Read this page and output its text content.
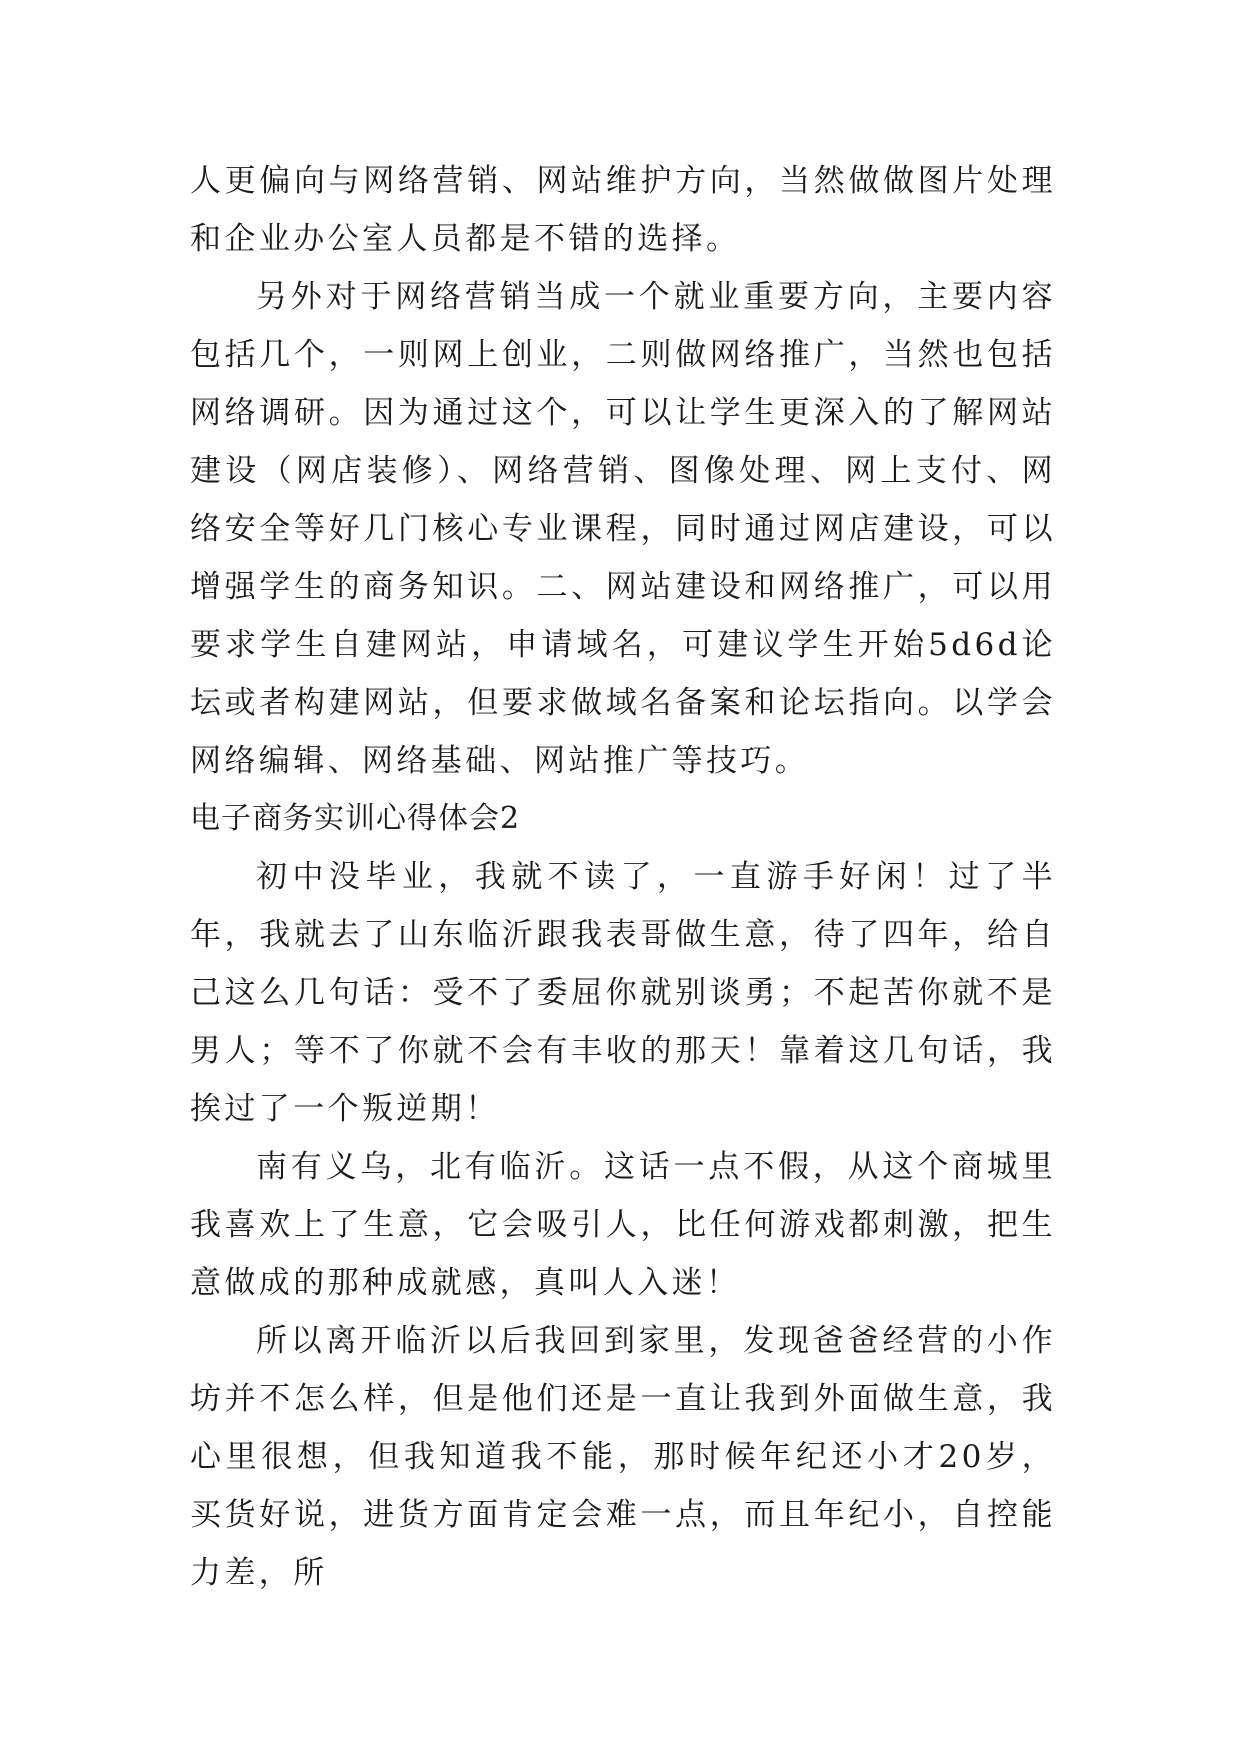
人更偏向与网络营销、网站维护方向，当然做做图片处理和企业办公室人员都是不错的选择。

另外对于网络营销当成一个就业重要方向，主要内容包括几个，一则网上创业，二则做网络推广，当然也包括网络调研。因为通过这个，可以让学生更深入的了解网站建设（网店装修）、网络营销、图像处理、网上支付、网络安全等好几门核心专业课程，同时通过网店建设，可以增强学生的商务知识。二、网站建设和网络推广，可以用要求学生自建网站，申请域名，可建议学生开始5d6d论坛或者构建网站，但要求做域名备案和论坛指向。以学会网络编辑、网络基础、网站推广等技巧。

电子商务实训心得体会2

初中没毕业，我就不读了，一直游手好闲！过了半年，我就去了山东临沂跟我表哥做生意，待了四年，给自己这么几句话：受不了委屈你就别谈勇；不起苦你就不是男人；等不了你就不会有丰收的那天！靠着这几句话，我挨过了一个叛逆期！

南有义乌，北有临沂。这话一点不假，从这个商城里我喜欢上了生意，它会吸引人，比任何游戏都刺激，把生意做成的那种成就感，真叫人入迷！

所以离开临沂以后我回到家里，发现爸爸经营的小作坊并不怎么样，但是他们还是一直让我到外面做生意，我心里很想，但我知道我不能，那时候年纪还小才20岁，买货好说，进货方面肯定会难一点，而且年纪小，自控能力差，所
